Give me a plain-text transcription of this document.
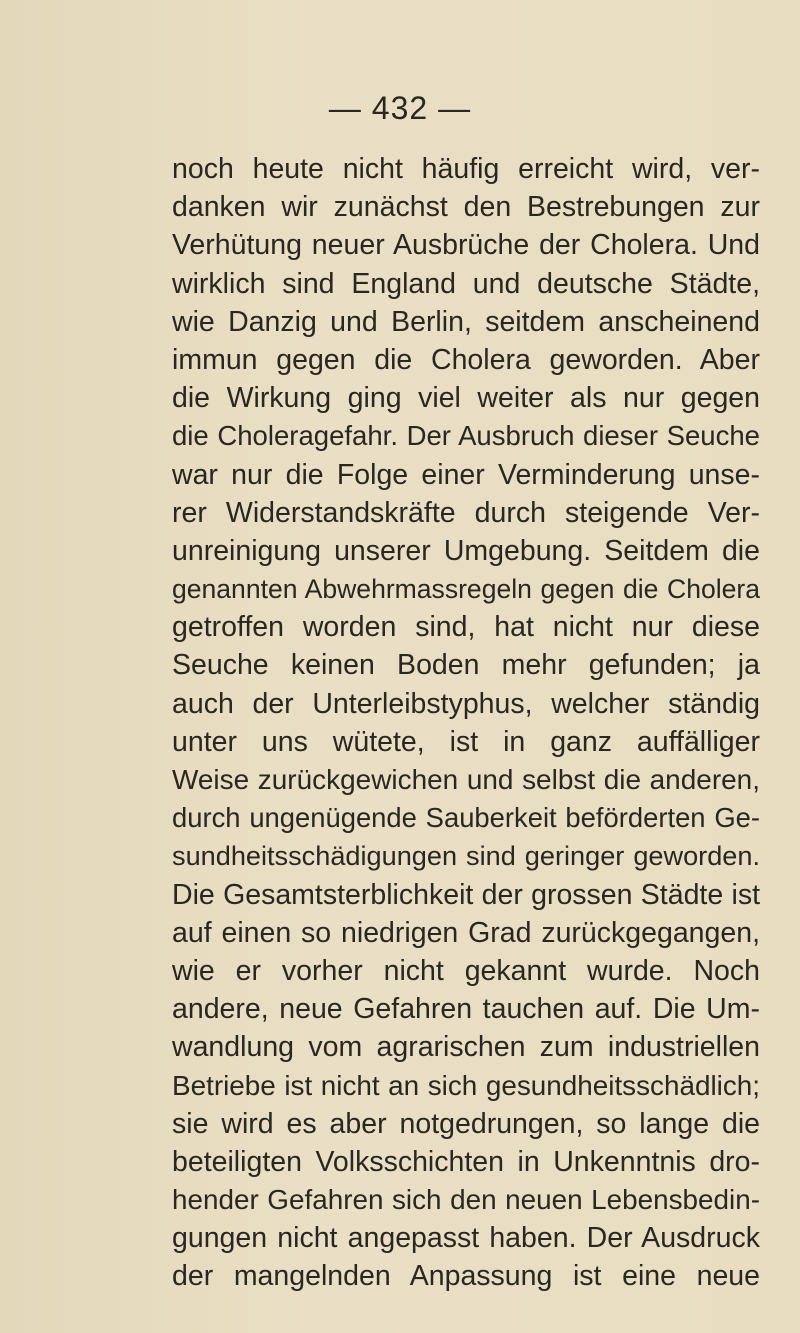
— 432 —
noch heute nicht häufig erreicht wird, ver-
danken wir zunächst den Bestrebungen zur
Verhütung neuer Ausbrüche der Cholera. Und
wirklich sind England und deutsche Städte,
wie Danzig und Berlin, seitdem anscheinend
immun gegen die Cholera geworden. Aber
die Wirkung ging viel weiter als nur gegen
die Choleragefahr. Der Ausbruch dieser Seuche
war nur die Folge einer Verminderung unse-
rer Widerstandskräfte durch steigende Ver-
unreinigung unserer Umgebung. Seitdem die
genannten Abwehrmassregeln gegen die Cholera
getroffen worden sind, hat nicht nur diese
Seuche keinen Boden mehr gefunden; ja
auch der Unterleibstyphus, welcher ständig
unter uns wütete, ist in ganz auffälliger
Weise zurückgewichen und selbst die anderen,
durch ungenügende Sauberkeit beförderten Ge-
sundheitsschädigungen sind geringer geworden.
Die Gesamtsterblichkeit der grossen Städte ist
auf einen so niedrigen Grad zurückgegangen,
wie er vorher nicht gekannt wurde. Noch
andere, neue Gefahren tauchen auf. Die Um-
wandlung vom agrarischen zum industriellen
Betriebe ist nicht an sich gesundheitsschädlich;
sie wird es aber notgedrungen, so lange die
beteiligten Volksschichten in Unkenntnis dro-
hender Gefahren sich den neuen Lebensbedin-
gungen nicht angepasst haben. Der Ausdruck
der mangelnden Anpassung ist eine neue
